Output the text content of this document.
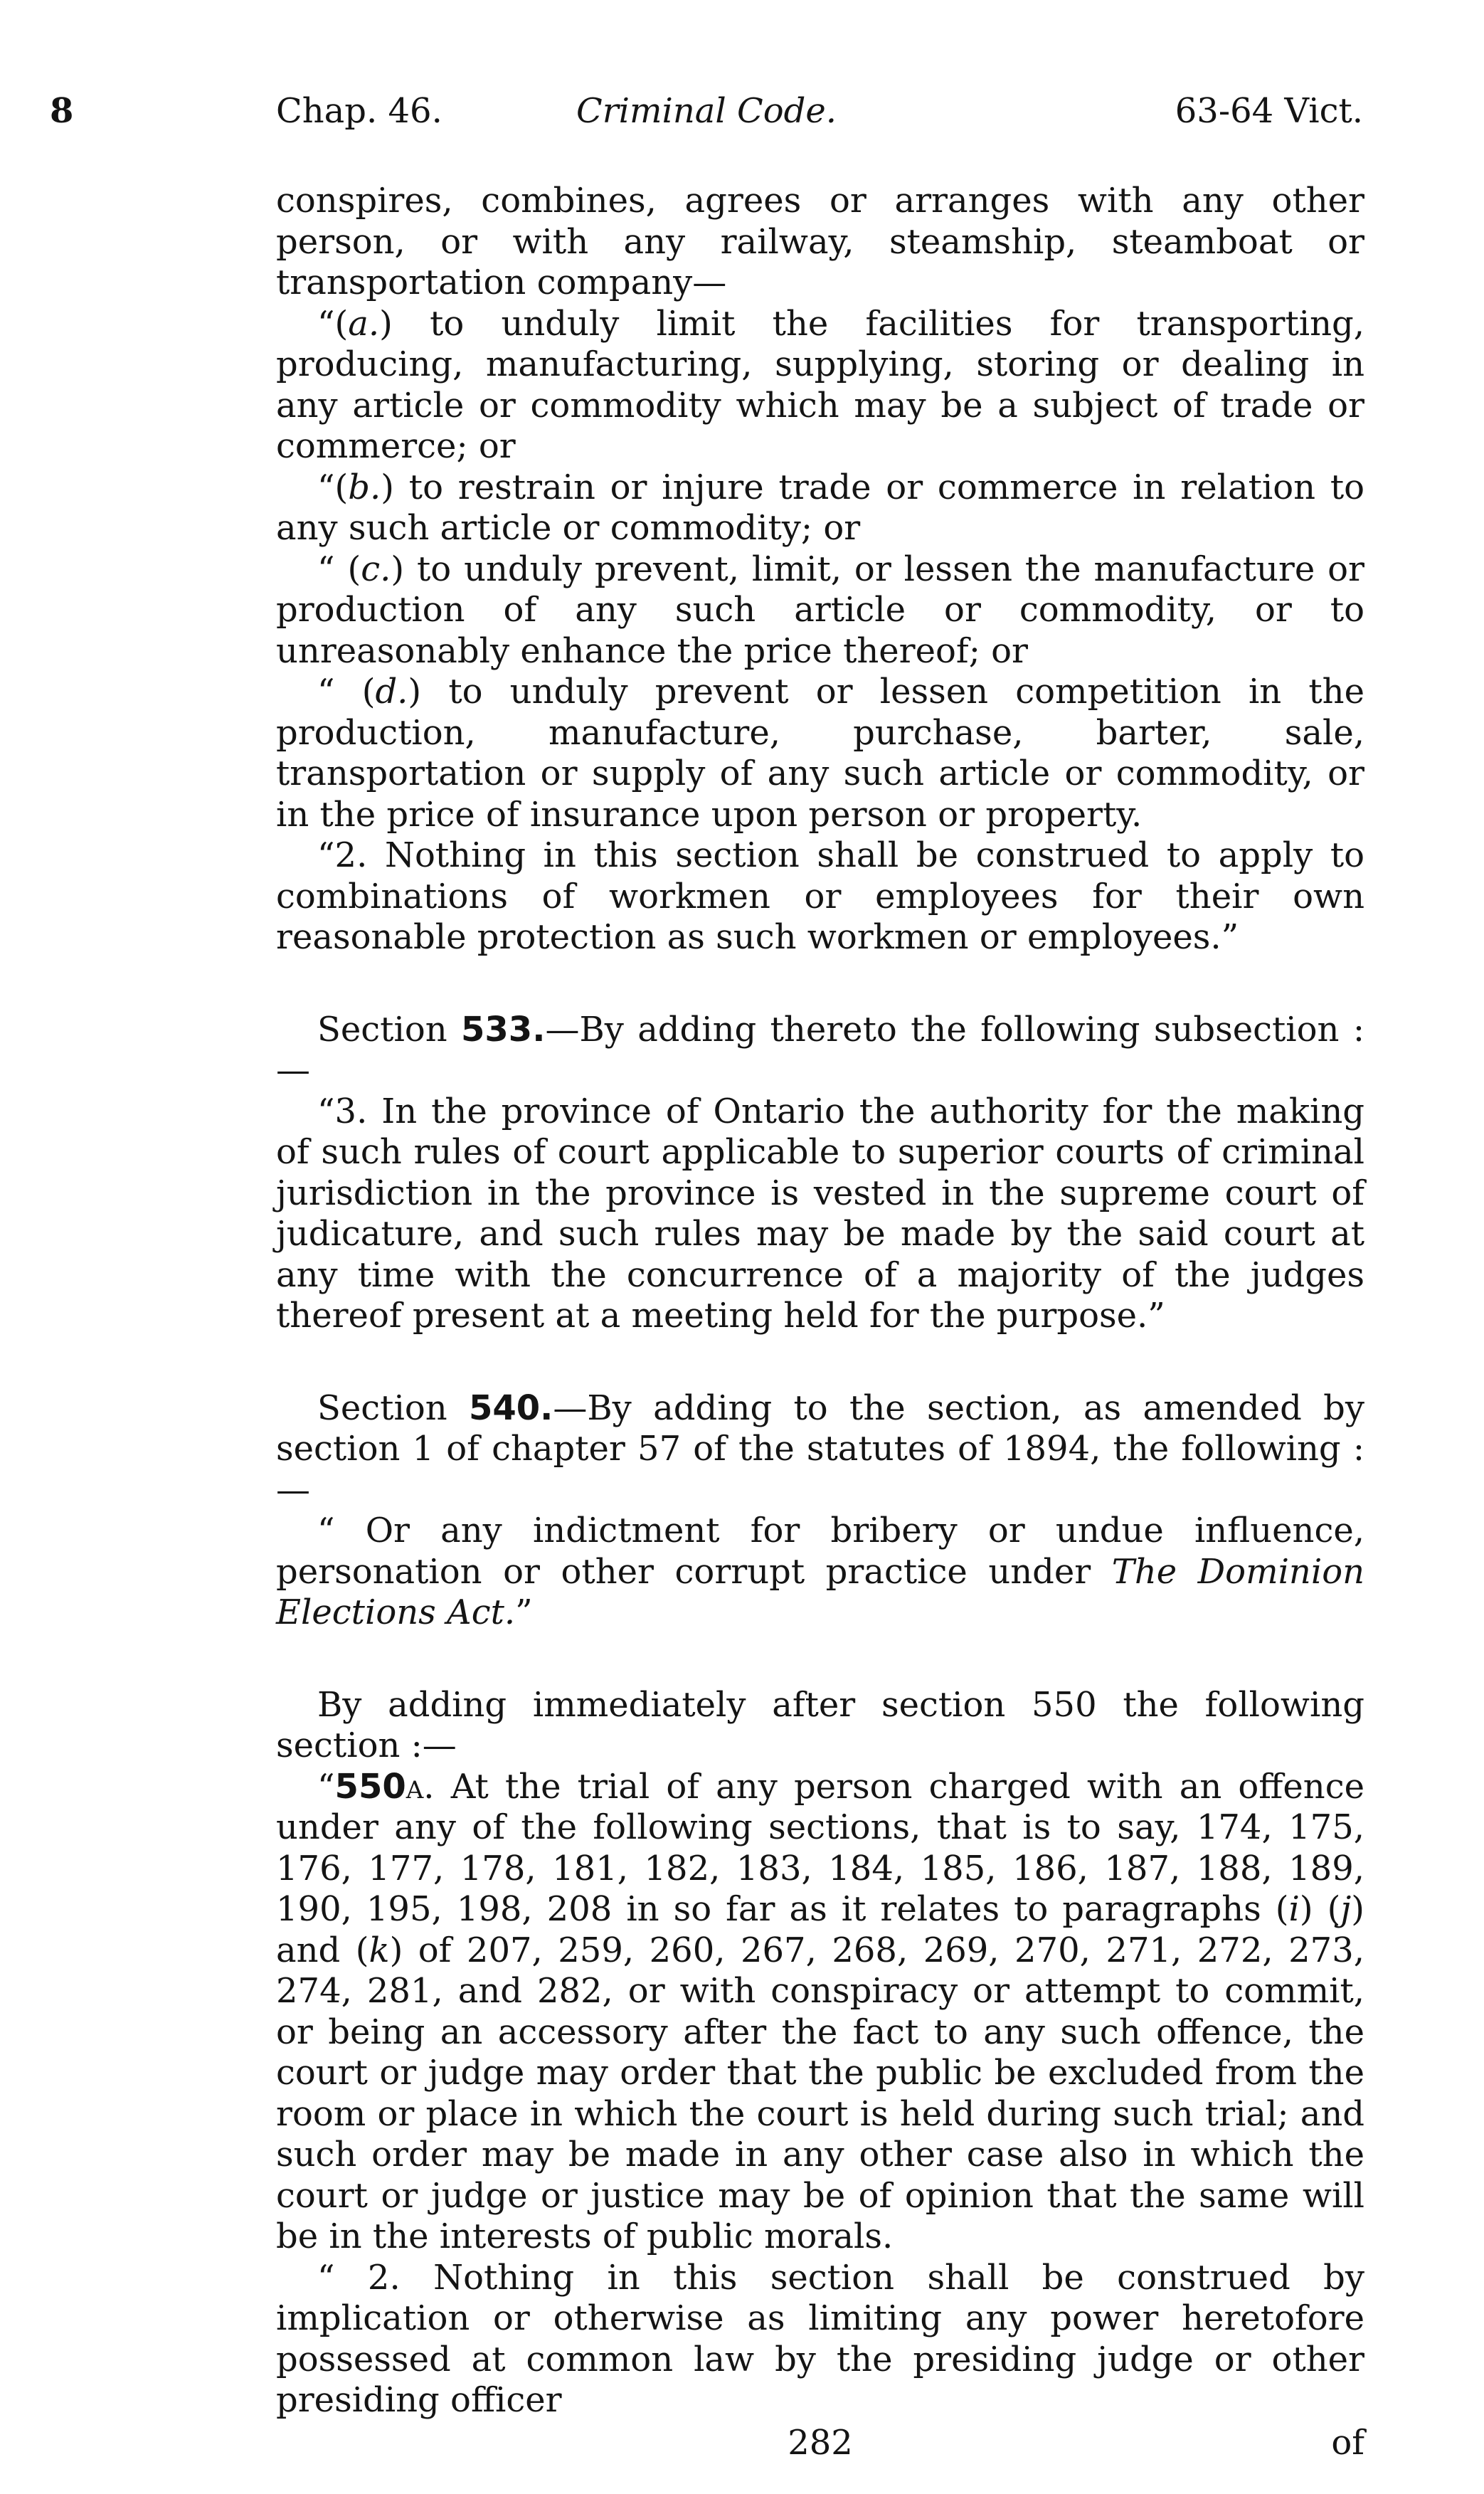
8	Chap. 46.	Criminal Code.	63-64 Vict.

conspires, combines, agrees or arranges with any other person, or with any railway, steamship, steamboat or transportation company—

“(a.) to unduly limit the facilities for transporting, producing, manufacturing, supplying, storing or dealing in any article or commodity which may be a subject of trade or commerce; or

“(b.) to restrain or injure trade or commerce in relation to any such article or commodity; or

“ (c.) to unduly prevent, limit, or lessen the manufacture or production of any such article or commodity, or to unreasonably enhance the price thereof; or

“ (d.) to unduly prevent or lessen competition in the production, manufacture, purchase, barter, sale, transportation or supply of any such article or commodity, or in the price of insurance upon person or property.

“2. Nothing in this section shall be construed to apply to combinations of workmen or employees for their own reasonable protection as such workmen or employees.”

Section 533.—By adding thereto the following subsection :—

“3. In the province of Ontario the authority for the making of such rules of court applicable to superior courts of criminal jurisdiction in the province is vested in the supreme court of judicature, and such rules may be made by the said court at any time with the concurrence of a majority of the judges thereof present at a meeting held for the purpose.”

Section 540.—By adding to the section, as amended by section 1 of chapter 57 of the statutes of 1894, the following :—

“ Or any indictment for bribery or undue influence, personation or other corrupt practice under The Dominion Elections Act.”

By adding immediately after section 550 the following section :—

“550a. At the trial of any person charged with an offence under any of the following sections, that is to say, 174, 175, 176, 177, 178, 181, 182, 183, 184, 185, 186, 187, 188, 189, 190, 195, 198, 208 in so far as it relates to paragraphs (i) (j) and (k) of 207, 259, 260, 267, 268, 269, 270, 271, 272, 273, 274, 281, and 282, or with conspiracy or attempt to commit, or being an accessory after the fact to any such offence, the court or judge may order that the public be excluded from the room or place in which the court is held during such trial; and such order may be made in any other case also in which the court or judge or justice may be of opinion that the same will be in the interests of public morals.

“ 2. Nothing in this section shall be construed by implication or otherwise as limiting any power heretofore possessed at common law by the presiding judge or other presiding officer

282	of
